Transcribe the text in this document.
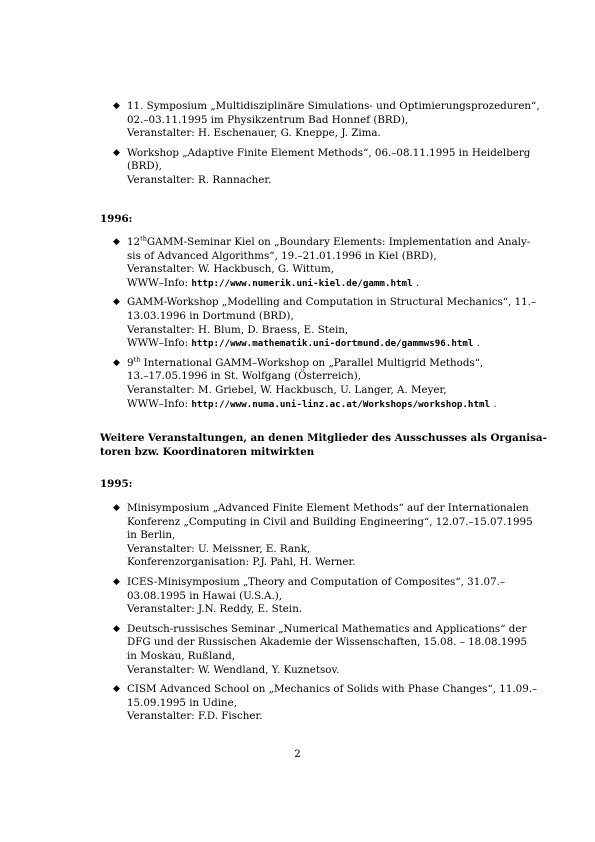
◆ 11. Symposium „Multidisziplinäre Simulations- und Optimierungsprozeduren“,
02.–03.11.1995 im Physikzentrum Bad Honnef (BRD),
Veranstalter: H. Eschenauer, G. Kneppe, J. Zima.
◆ Workshop „Adaptive Finite Element Methods“, 06.–08.11.1995 in Heidelberg
(BRD),
Veranstalter: R. Rannacher.
1996:
◆ 12thGAMM-Seminar Kiel on „Boundary Elements: Implementation and Analy-
sis of Advanced Algorithms“, 19.–21.01.1996 in Kiel (BRD),
Veranstalter: W. Hackbusch, G. Wittum,
WWW–Info: http://www.numerik.uni-kiel.de/gamm.html .
◆ GAMM-Workshop „Modelling and Computation in Structural Mechanics“, 11.–
13.03.1996 in Dortmund (BRD),
Veranstalter: H. Blum, D. Braess, E. Stein,
WWW–Info: http://www.mathematik.uni-dortmund.de/gammws96.html .
◆ 9th International GAMM–Workshop on „Parallel Multigrid Methods“,
13.–17.05.1996 in St. Wolfgang (Österreich),
Veranstalter: M. Griebel, W. Hackbusch, U. Langer, A. Meyer,
WWW–Info: http://www.numa.uni-linz.ac.at/Workshops/workshop.html .
Weitere Veranstaltungen, an denen Mitglieder des Ausschusses als Organisa-
toren bzw. Koordinatoren mitwirkten
1995:
◆ Minisymposium „Advanced Finite Element Methods“ auf der Internationalen
Konferenz „Computing in Civil and Building Engineering“, 12.07.–15.07.1995
in Berlin,
Veranstalter: U. Meissner, E. Rank,
Konferenzorganisation: P.J. Pahl, H. Werner.
◆ ICES-Minisymposium „Theory and Computation of Composites“, 31.07.–
03.08.1995 in Hawai (U.S.A.),
Veranstalter: J.N. Reddy, E. Stein.
◆ Deutsch-russisches Seminar „Numerical Mathematics and Applications“ der
DFG und der Russischen Akademie der Wissenschaften, 15.08. – 18.08.1995
in Moskau, Rußland,
Veranstalter: W. Wendland, Y. Kuznetsov.
◆ CISM Advanced School on „Mechanics of Solids with Phase Changes“, 11.09.–
15.09.1995 in Udine,
Veranstalter: F.D. Fischer.
2
